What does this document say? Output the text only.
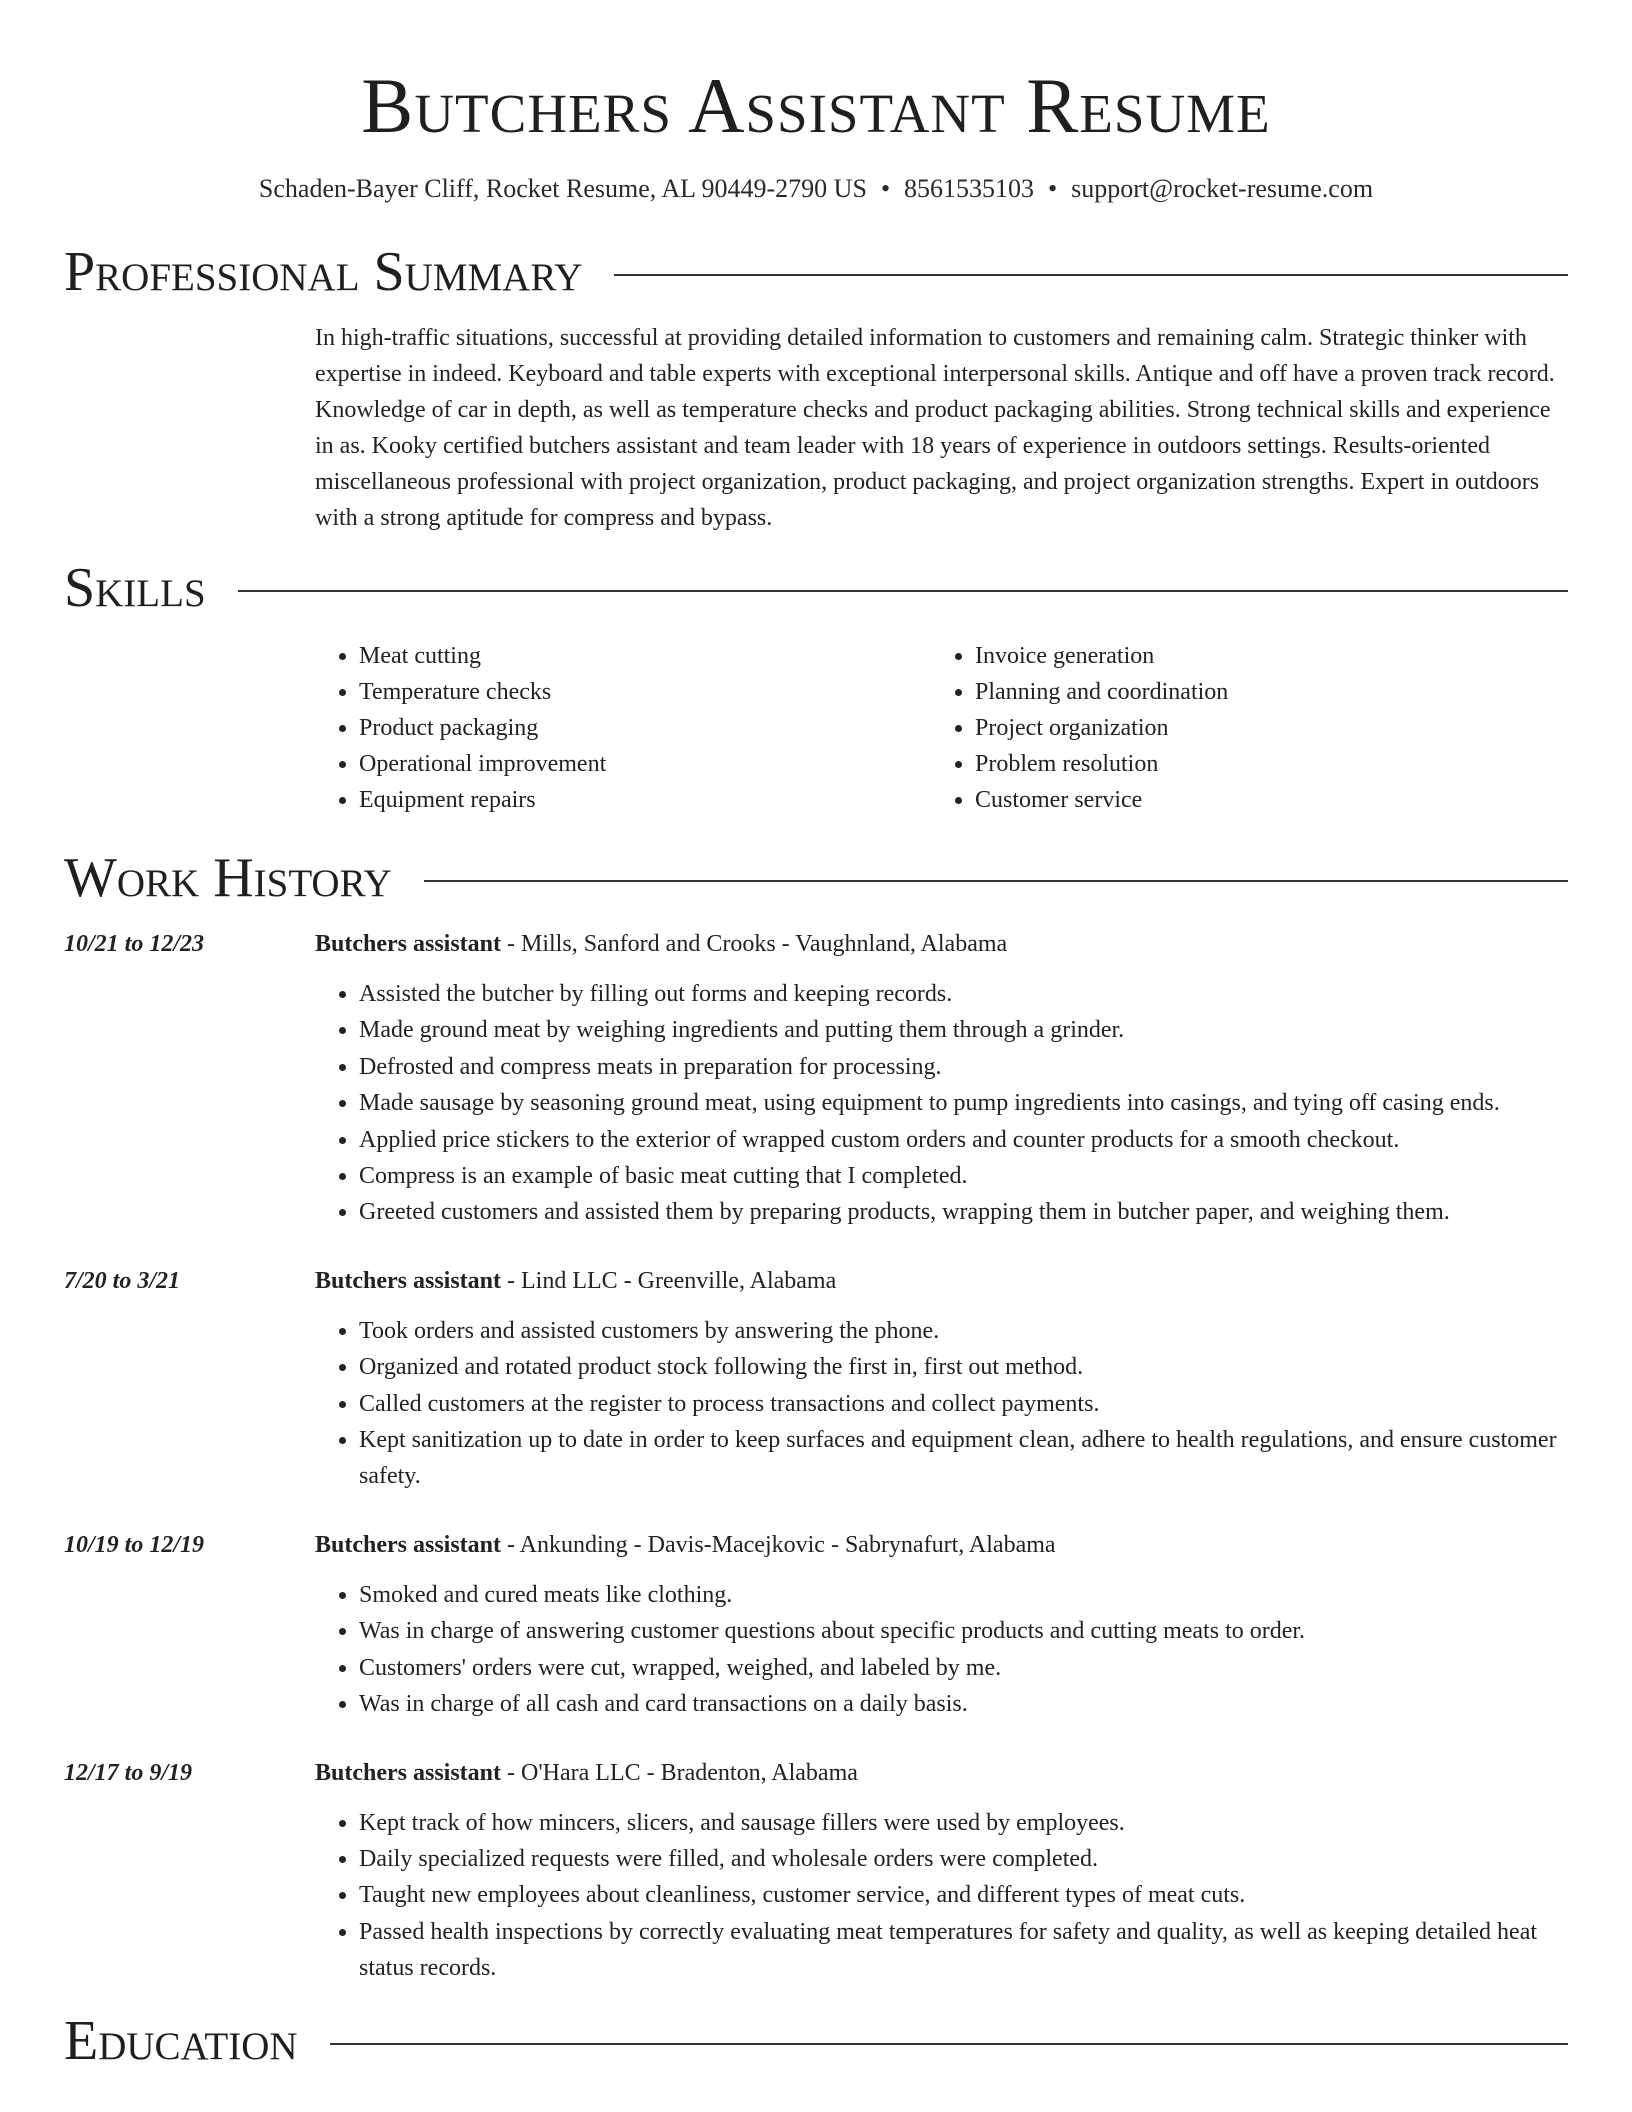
Butchers Assistant Resume
Schaden-Bayer Cliff, Rocket Resume, AL 90449-2790 US • 8561535103 • support@rocket-resume.com
Professional Summary

In high-traffic situations, successful at providing detailed information to customers and remaining calm. Strategic thinker with expertise in indeed. Keyboard and table experts with exceptional interpersonal skills. Antique and off have a proven track record. Knowledge of car in depth, as well as temperature checks and product packaging abilities. Strong technical skills and experience in as. Kooky certified butchers assistant and team leader with 18 years of experience in outdoors settings. Results-oriented miscellaneous professional with project organization, product packaging, and project organization strengths. Expert in outdoors with a strong aptitude for compress and bypass.

Skills
• Meat cutting
• Temperature checks
• Product packaging
• Operational improvement
• Equipment repairs
• Invoice generation
• Planning and coordination
• Project organization
• Problem resolution
• Customer service
Work History
10/21 to 12/23	Butchers assistant - Mills, Sanford and Crooks - Vaughnland, Alabama
• Assisted the butcher by filling out forms and keeping records.
• Made ground meat by weighing ingredients and putting them through a grinder.
• Defrosted and compress meats in preparation for processing.
• Made sausage by seasoning ground meat, using equipment to pump ingredients into casings, and tying off casing ends.
• Applied price stickers to the exterior of wrapped custom orders and counter products for a smooth checkout.
• Compress is an example of basic meat cutting that I completed.
• Greeted customers and assisted them by preparing products, wrapping them in butcher paper, and weighing them.
7/20 to 3/21	Butchers assistant - Lind LLC - Greenville, Alabama
• Took orders and assisted customers by answering the phone.
• Organized and rotated product stock following the first in, first out method.
• Called customers at the register to process transactions and collect payments.
• Kept sanitization up to date in order to keep surfaces and equipment clean, adhere to health regulations, and ensure customer safety.
10/19 to 12/19	Butchers assistant - Ankunding - Davis-Macejkovic - Sabrynafurt, Alabama
• Smoked and cured meats like clothing.
• Was in charge of answering customer questions about specific products and cutting meats to order.
• Customers' orders were cut, wrapped, weighed, and labeled by me.
• Was in charge of all cash and card transactions on a daily basis.
12/17 to 9/19	Butchers assistant - O'Hara LLC - Bradenton, Alabama
• Kept track of how mincers, slicers, and sausage fillers were used by employees.
• Daily specialized requests were filled, and wholesale orders were completed.
• Taught new employees about cleanliness, customer service, and different types of meat cuts.
• Passed health inspections by correctly evaluating meat temperatures for safety and quality, as well as keeping detailed heat status records.
Education
